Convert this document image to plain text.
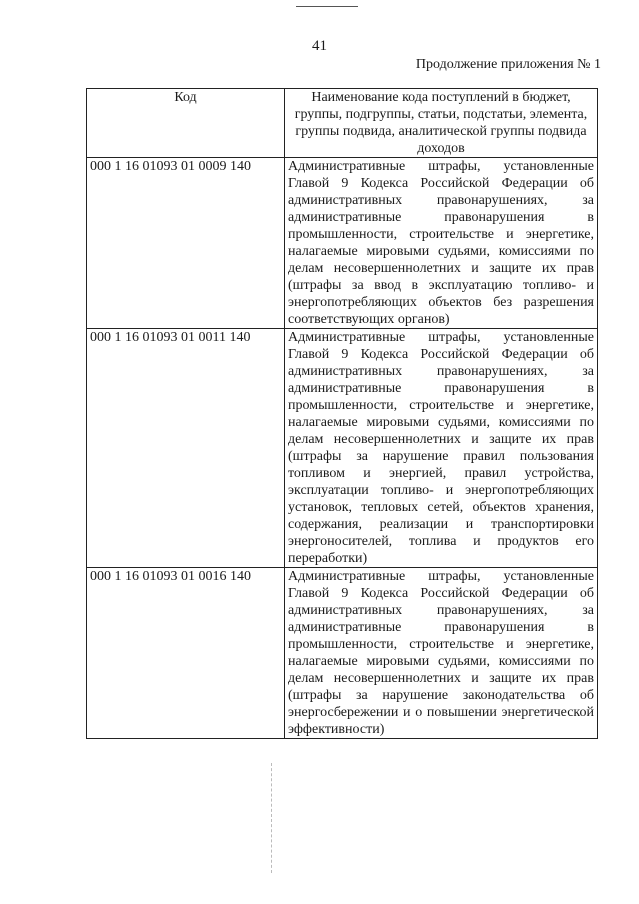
41
Продолжение приложения № 1
Код	Наименование кода поступлений в бюджет, группы, подгруппы, статьи, подстатьи, элемента, группы подвида, аналитической группы подвида доходов
000 1 16 01093 01 0009 140	Административные штрафы, установленные Главой 9 Кодекса Российской Федерации об административных правонарушениях, за административные правонарушения в промышленности, строительстве и энергетике, налагаемые мировыми судьями, комиссиями по делам несовершеннолетних и защите их прав (штрафы за ввод в эксплуатацию топливо- и энергопотребляющих объектов без разрешения соответствующих органов)
000 1 16 01093 01 0011 140	Административные штрафы, установленные Главой 9 Кодекса Российской Федерации об административных правонарушениях, за административные правонарушения в промышленности, строительстве и энергетике, налагаемые мировыми судьями, комиссиями по делам несовершеннолетних и защите их прав (штрафы за нарушение правил пользования топливом и энергией, правил устройства, эксплуатации топливо- и энергопотребляющих установок, тепловых сетей, объектов хранения, содержания, реализации и транспортировки энергоносителей, топлива и продуктов его переработки)
000 1 16 01093 01 0016 140	Административные штрафы, установленные Главой 9 Кодекса Российской Федерации об административных правонарушениях, за административные правонарушения в промышленности, строительстве и энергетике, налагаемые мировыми судьями, комиссиями по делам несовершеннолетних и защите их прав (штрафы за нарушение законодательства об энергосбережении и о повышении энергетической эффективности)
